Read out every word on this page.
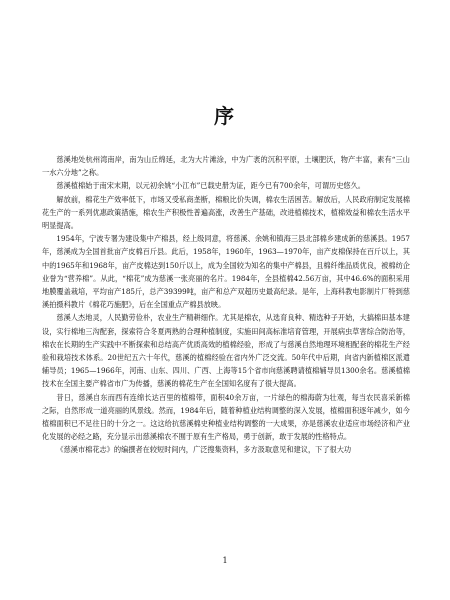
序

慈溪地处杭州湾南岸，南为山丘绵延，北为大片滩涂，中为广袤的沉积平原，土壤肥沃，物产丰富，素有“三山一水六分地”之称。

慈溪植棉始于南宋末期，以元初余姚“小江布”已载史册为证，距今已有700余年，可谓历史悠久。

解放前，棉花生产效率低下，市场又受私商垄断，棉粮比价失调，棉农生活困苦。解放后，人民政府制定发展棉花生产的一系列优惠政策措施，棉农生产积极性普遍高涨，改善生产基础，改进植棉技术，植棉效益和棉农生活水平明显提高。

1954年，宁波专署为建设集中产棉县，经上级同意，将慈溪、余姚和镇海三县北部棉乡建成新的慈溪县。1957年，慈溪成为全国首批亩产皮棉百斤县。此后，1958年，1960年，1963—1970年，亩产皮棉保持在百斤以上，其中的1965年和1968年，亩产皮棉达到150斤以上，成为全国较为知名的集中产棉县，且棉纤维品质优良，被棉纺企业誉为“营养棉”。从此，“棉花”成为慈溪一张亮丽的名片。1984年，全县植棉42.56万亩，其中46.6%的面积采用地膜覆盖栽培，平均亩产185斤，总产39399吨，亩产和总产双超历史最高纪录。是年，上海科教电影制片厂特到慈溪拍摄科教片《棉花巧施肥》，后在全国重点产棉县放映。

慈溪人杰地灵，人民勤劳俭朴，农业生产精耕细作。尤其是棉农，从选育良种、精选种子开始，大搞棉田基本建设，实行棉地三沟配套，探索符合冬夏两熟的合理种植制度，实施田间高标准培育管理，开展病虫草害综合防治等，棉农在长期的生产实践中不断探索和总结高产优质高效的植棉经验，形成了与慈溪自然地理环境相配套的棉花生产经验和栽培技术体系。20世纪五六十年代，慈溪的植棉经验在省内外广泛交流。50年代中后期，向省内新植棉区派遣辅导员；1965—1966年，河南、山东、四川、广西、上海等15个省市向慈溪聘请植棉辅导员1300余名。慈溪植棉技术在全国主要产棉省市广为传播，慈溪的棉花生产在全国知名度有了很大提高。

昔日，慈溪自东而西有连绵长达百里的植棉带，面积40余万亩，一片绿色的棉海蔚为壮观，每当农民喜采新棉之际，自然形成一道亮丽的风景线。然而，1984年后，随着种植业结构调整的深入发展，植棉面积逐年减少，如今植棉面积已不足往日的十分之一。这这给抗慈溪棉史种植业结构调整的一大成果，亦是慈溪农业适应市场经济和产业化发展的必经之路，充分显示出慈溪棉农不囿于原有生产格局，勇于创新，敢于发展的性格特点。

《慈溪市棉花志》的编撰者在较短时间内，广泛搜集资料，多方汲取意见和建议，下了很大功

1
